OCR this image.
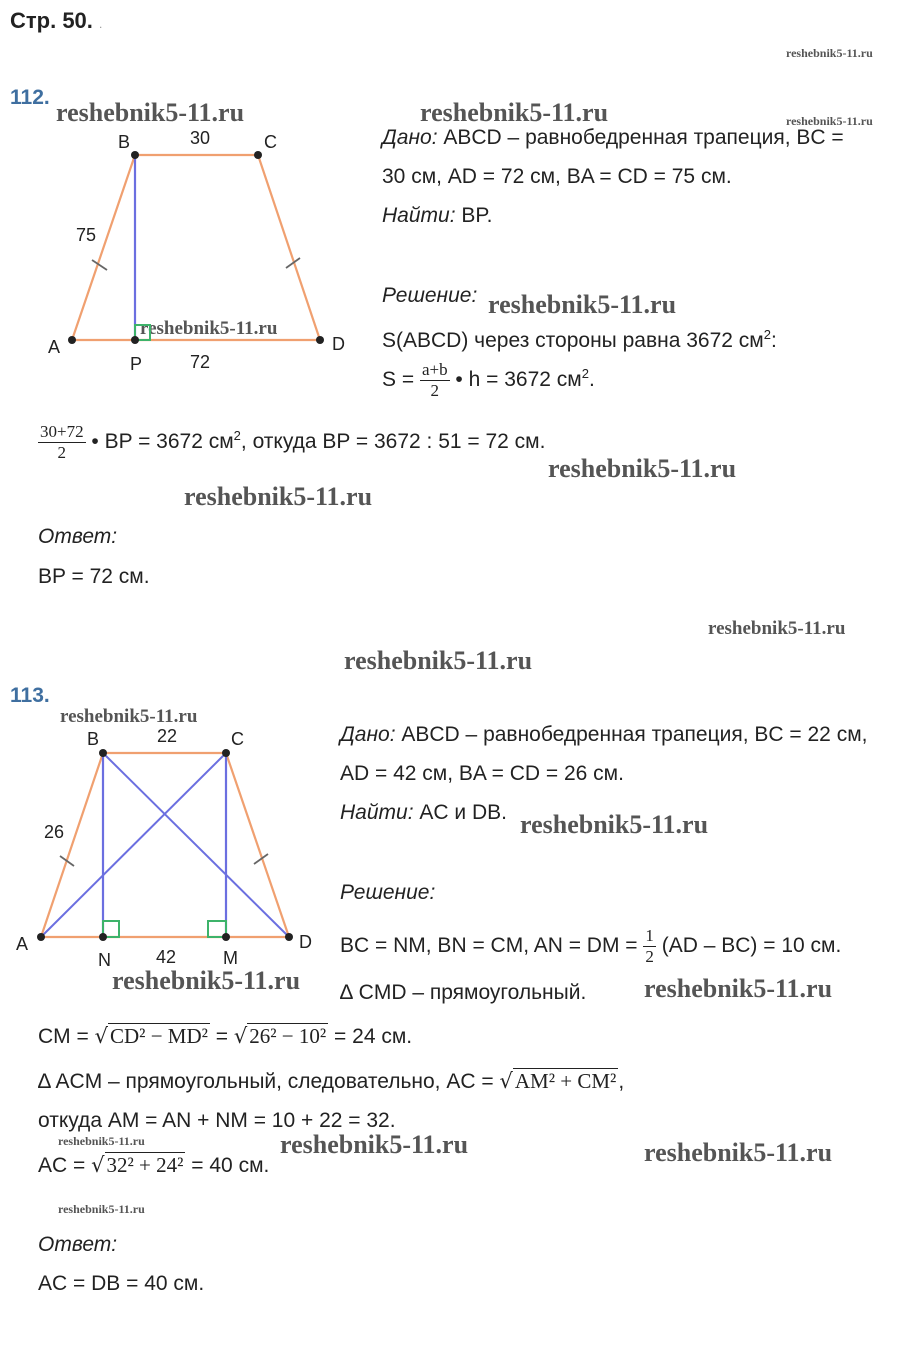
Стр. 50. .
reshebnik5-11.ru
reshebnik5-11.ru
reshebnik5-11.ru	reshebnik5-11.ru
reshebnik5-11.ru
reshebnik5-11.ru
reshebnik5-11.ru
reshebnik5-11.ru
reshebnik5-11.ru
reshebnik5-11.ru
reshebnik5-11.ru
reshebnik5-11.ru
reshebnik5-11.ru	reshebnik5-11.ru
reshebnik5-11.ru	reshebnik5-11.ru	reshebnik5-11.ru
reshebnik5-11.ru
112.
B	C
A	D
P
30
75
72
Дано: ABCD – равнобедренная трапеция, BC =
30 см, AD = 72 см, BA = CD = 75 см.
Найти: BP.
Решение:
S(ABCD) через стороны равна 3672 $см^2$:
$S = \frac{a+b}{2}$ • h = 3672 $см^2$.
$\frac{30+72}{2}$ • BP = 3672 $см^2$, откуда BP = 3672 : 51 = 72 см.
Ответ:
BP = 72 см.
113.
B	C
A	D
N	M
22
26
42
Дано: ABCD – равнобедренная трапеция, BC = 22 см,
AD = 42 см, BA = CD = 26 см.
Найти: AC и DB.
Решение:
BC = NM, BN = CM, AN = DM = $\frac{1}{2} (AD - BC) = 10$ см.
∆ CMD – прямоугольный.
CM = √CD² − MD² = √26² − 10² = 24 см.
∆ ACM – прямоугольный, следовательно, AC = √AM² + CM²,
откуда AM = AN + NM = 10 + 22 = 32.
AC = √32² + 24² = 40 см.
Ответ:
AC = DB = 40 см.
